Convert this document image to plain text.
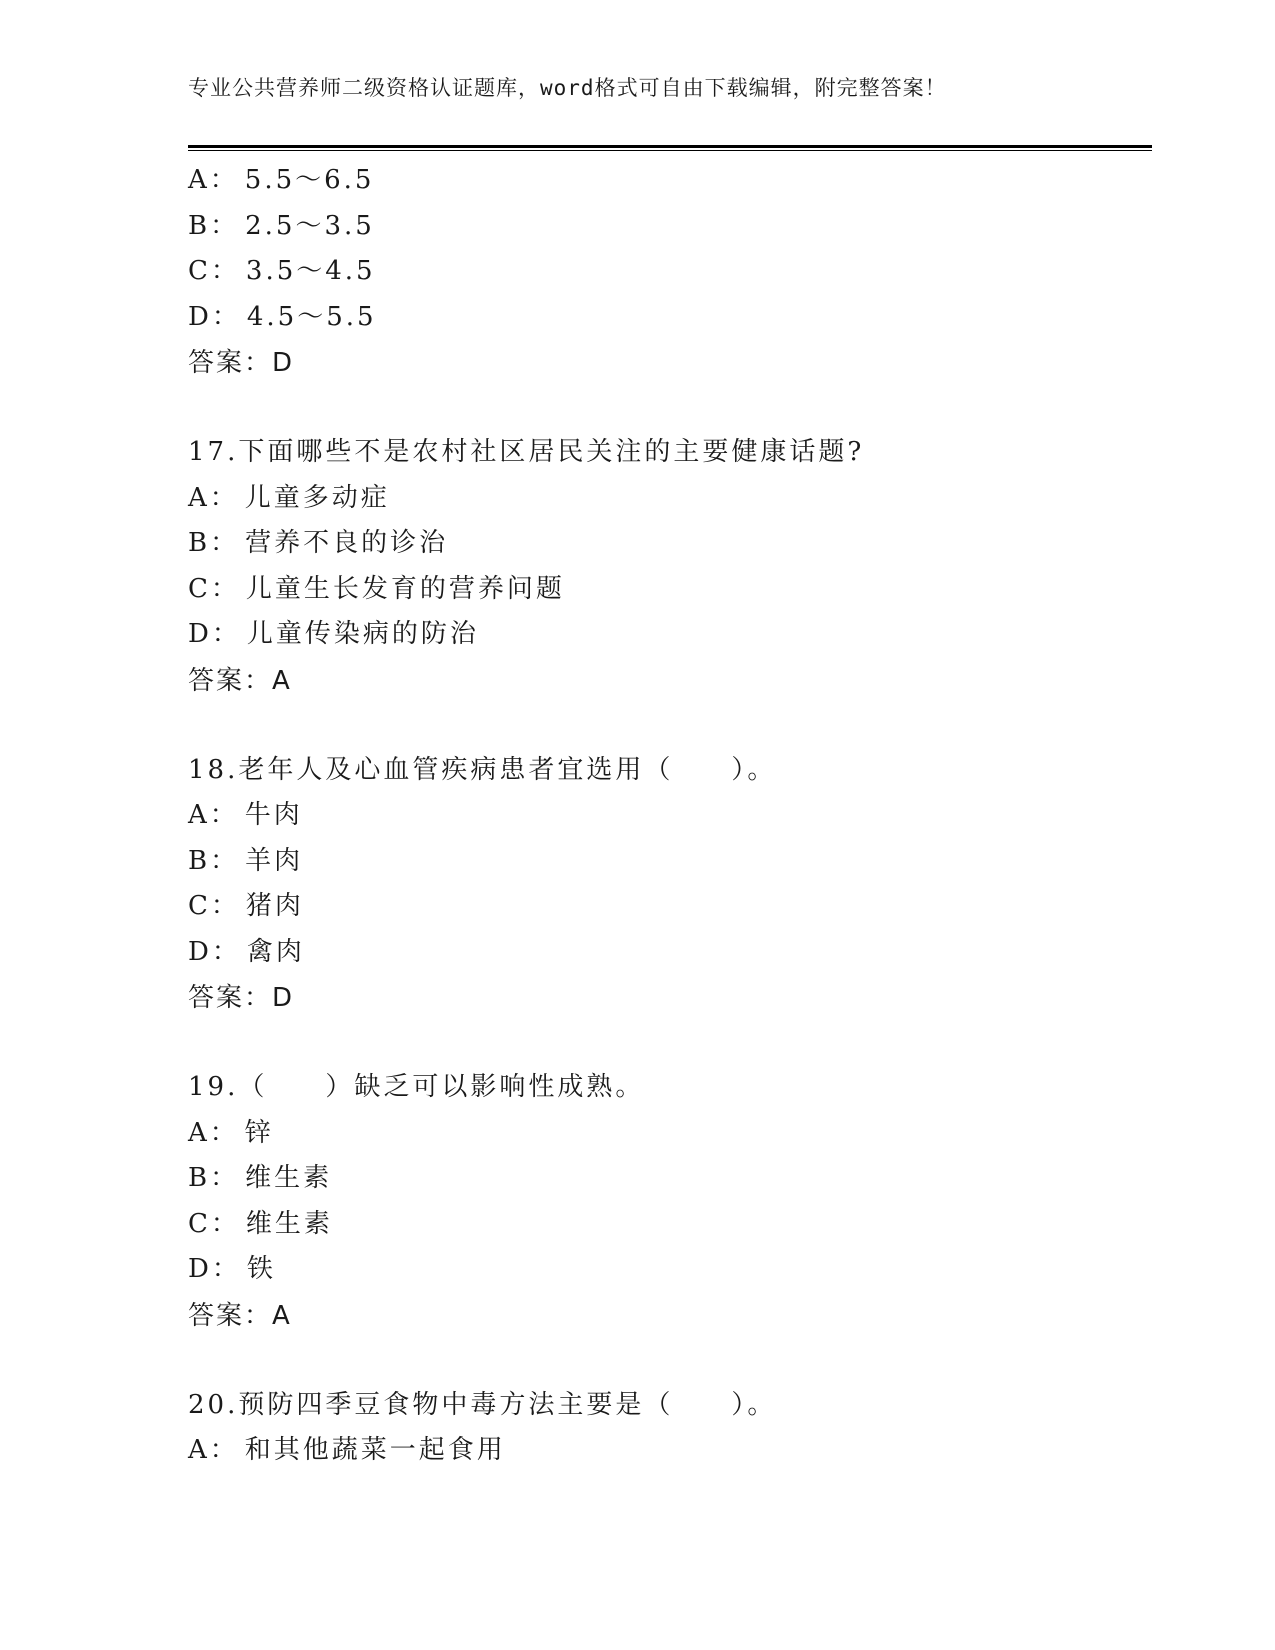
专业公共营养师二级资格认证题库，word格式可自由下载编辑，附完整答案！
A： 5.5～6.5
B： 2.5～3.5
C： 3.5～4.5
D： 4.5～5.5
答案：D
17.下面哪些不是农村社区居民关注的主要健康话题?
A： 儿童多动症
B： 营养不良的诊治
C： 儿童生长发育的营养问题
D： 儿童传染病的防治
答案：A
18.老年人及心血管疾病患者宜选用（　　）。
A： 牛肉
B： 羊肉
C： 猪肉
D： 禽肉
答案：D
19.（　　）缺乏可以影响性成熟。
A： 锌
B： 维生素
C： 维生素
D： 铁
答案：A
20.预防四季豆食物中毒方法主要是（　　）。
A： 和其他蔬菜一起食用
